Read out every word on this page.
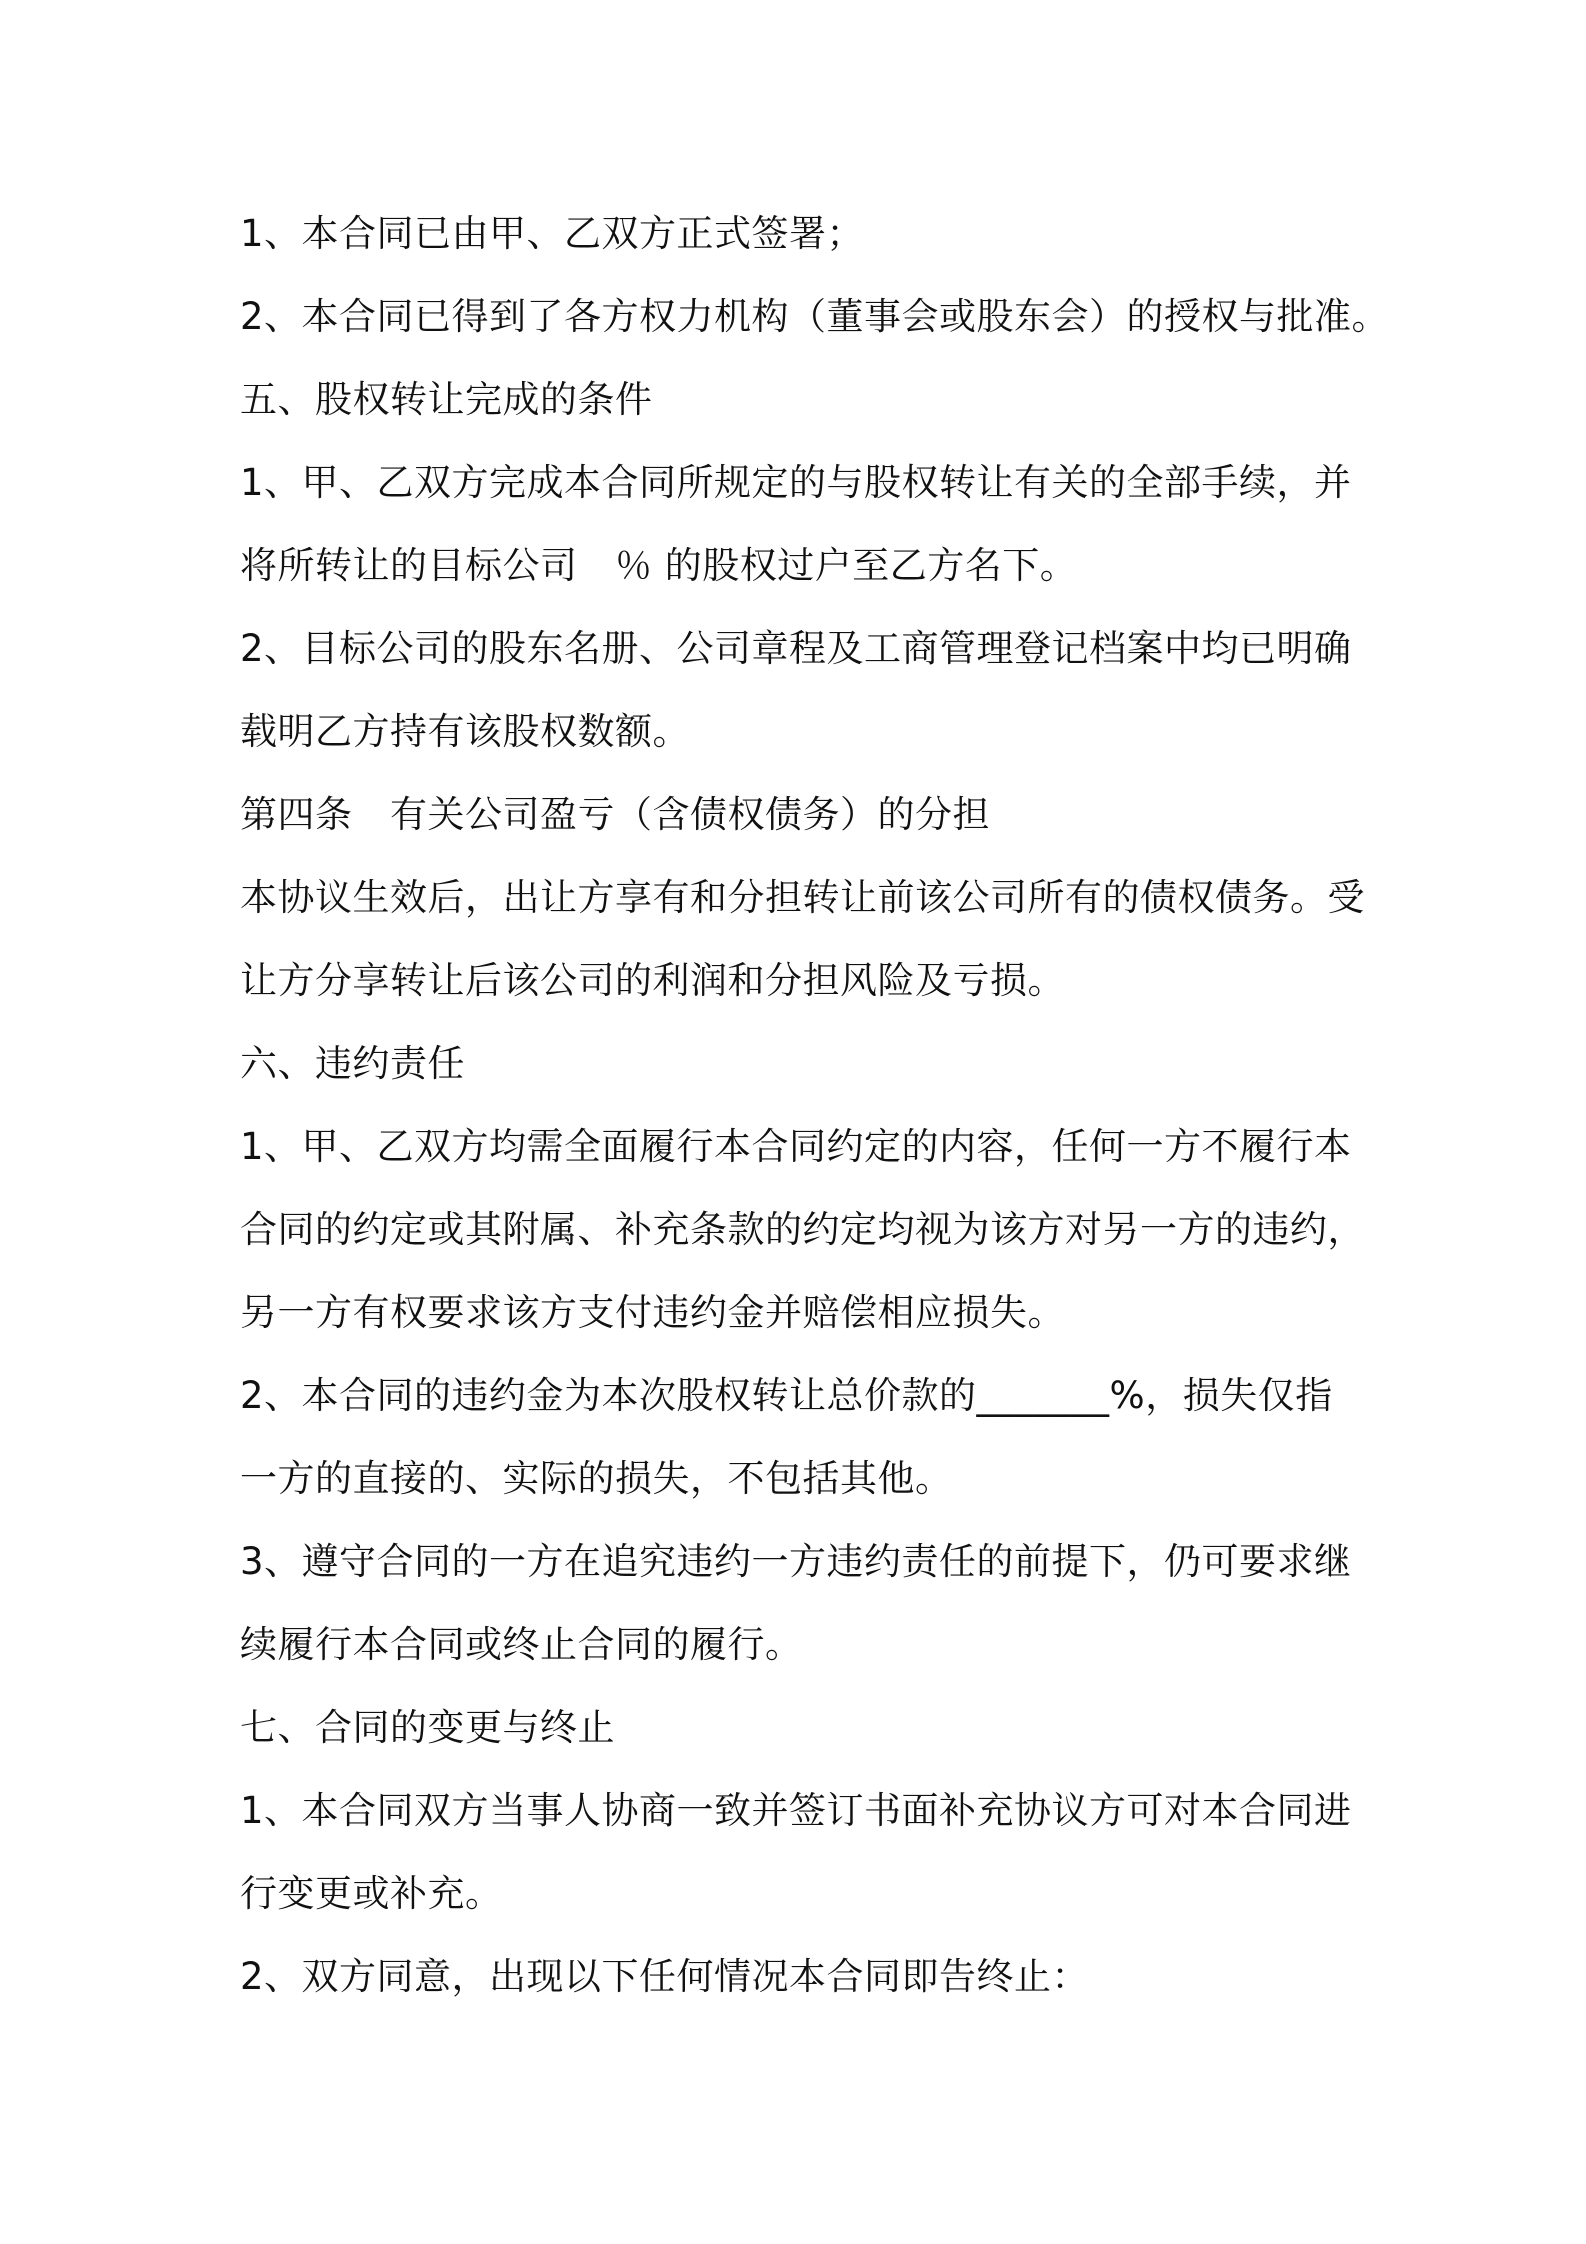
1、本合同已由甲、乙双方正式签署；
2、本合同已得到了各方权力机构（董事会或股东会）的授权与批准。
五、股权转让完成的条件
1、甲、乙双方完成本合同所规定的与股权转让有关的全部手续，并
将所转让的目标公司　％ 的股权过户至乙方名下。
2、目标公司的股东名册、公司章程及工商管理登记档案中均已明确
载明乙方持有该股权数额。
第四条　有关公司盈亏（含债权债务）的分担
本协议生效后，出让方享有和分担转让前该公司所有的债权债务。受
让方分享转让后该公司的利润和分担风险及亏损。
六、违约责任
1、甲、乙双方均需全面履行本合同约定的内容，任何一方不履行本
合同的约定或其附属、补充条款的约定均视为该方对另一方的违约，
另一方有权要求该方支付违约金并赔偿相应损失。
2、本合同的违约金为本次股权转让总价款的_______%，损失仅指
一方的直接的、实际的损失，不包括其他。
3、遵守合同的一方在追究违约一方违约责任的前提下，仍可要求继
续履行本合同或终止合同的履行。
七、合同的变更与终止
1、本合同双方当事人协商一致并签订书面补充协议方可对本合同进
行变更或补充。
2、双方同意，出现以下任何情况本合同即告终止：
